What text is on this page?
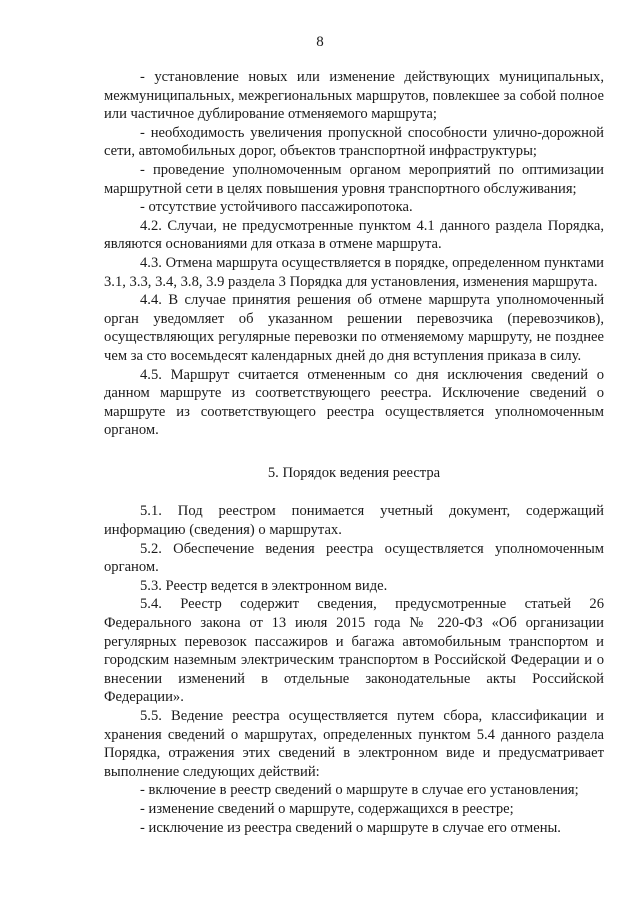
8

- установление новых или изменение действующих муниципальных, межмуниципальных, межрегиональных маршрутов, повлекшее за собой полное или частичное дублирование отменяемого маршрута;

- необходимость увеличения пропускной способности улично-дорожной сети, автомобильных дорог, объектов транспортной инфраструктуры;

- проведение уполномоченным органом мероприятий по оптимизации маршрутной сети в целях повышения уровня транспортного обслуживания;

- отсутствие устойчивого пассажиропотока.

4.2. Случаи, не предусмотренные пунктом 4.1 данного раздела Порядка, являются основаниями для отказа в отмене маршрута.

4.3. Отмена маршрута осуществляется в порядке, определенном пунктами 3.1, 3.3, 3.4, 3.8, 3.9 раздела 3 Порядка для установления, изменения маршрута.

4.4. В случае принятия решения об отмене маршрута уполномоченный орган уведомляет об указанном решении перевозчика (перевозчиков), осуществляющих регулярные перевозки по отменяемому маршруту, не позднее чем за сто восемьдесят календарных дней до дня вступления приказа в силу.

4.5. Маршрут считается отмененным со дня исключения сведений о данном маршруте из соответствующего реестра. Исключение сведений о маршруте из соответствующего реестра осуществляется уполномоченным органом.

5. Порядок ведения реестра

5.1. Под реестром понимается учетный документ, содержащий информацию (сведения) о маршрутах.

5.2. Обеспечение ведения реестра осуществляется уполномоченным органом.

5.3. Реестр ведется в электронном виде.

5.4. Реестр содержит сведения, предусмотренные статьей 26 Федерального закона от 13 июля 2015 года № 220-ФЗ «Об организации регулярных перевозок пассажиров и багажа автомобильным транспортом и городским наземным электрическим транспортом в Российской Федерации и о внесении изменений в отдельные законодательные акты Российской Федерации».

5.5. Ведение реестра осуществляется путем сбора, классификации и хранения сведений о маршрутах, определенных пунктом 5.4 данного раздела Порядка, отражения этих сведений в электронном виде и предусматривает выполнение следующих действий:

- включение в реестр сведений о маршруте в случае его установления;

- изменение сведений о маршруте, содержащихся в реестре;

- исключение из реестра сведений о маршруте в случае его отмены.
